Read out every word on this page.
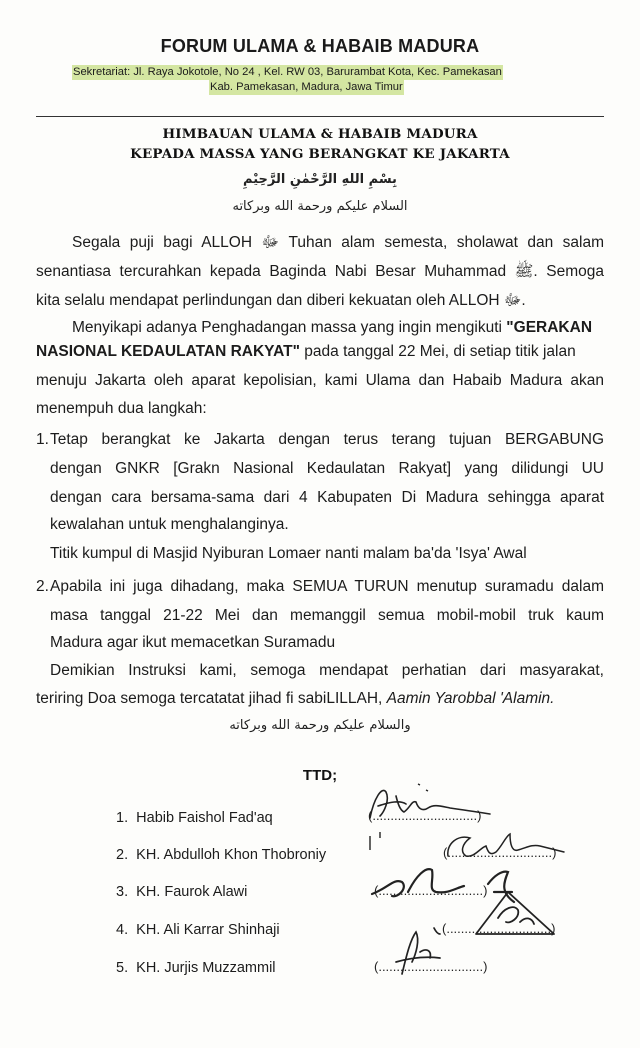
FORUM ULAMA & HABAIB MADURA
Sekretariat: Jl. Raya Jokotole, No 24 , Kel. RW 03, Barurambat Kota, Kec. Pamekasan
Kab. Pamekasan, Madura, Jawa Timur
HIMBAUAN ULAMA & HABAIB MADURA
KEPADA MASSA YANG BERANGKAT KE JAKARTA
بِسْمِ اللهِ الرَّحْمٰنِ الرَّحِيْمِ
السلام عليكم ورحمة الله وبركاته
Segala puji bagi ALLOH ﷻ Tuhan alam semesta, sholawat dan salam
senantiasa tercurahkan kepada Baginda Nabi Besar Muhammad ﷺ. Semoga
kita selalu mendapat perlindungan dan diberi kekuatan oleh ALLOH ﷻ.
Menyikapi adanya Penghadangan massa yang ingin mengikuti "GERAKAN
NASIONAL KEDAULATAN RAKYAT" pada tanggal 22 Mei, di setiap titik jalan
menuju Jakarta oleh aparat kepolisian, kami Ulama dan Habaib Madura akan
menempuh dua langkah:
1. Tetap berangkat ke Jakarta dengan terus terang tujuan BERGABUNG
dengan GNKR [Grakn Nasional Kedaulatan Rakyat] yang dilidungi UU
dengan cara bersama-sama dari 4 Kabupaten Di Madura sehingga aparat
kewalahan untuk menghalanginya.
Titik kumpul di Masjid Nyiburan Lomaer nanti malam ba'da 'Isya' Awal
2. Apabila ini juga dihadang, maka SEMUA TURUN menutup suramadu dalam
masa tanggal 21-22 Mei dan memanggil semua mobil-mobil truk kaum
Madura agar ikut memacetkan Suramadu
Demikian Instruksi kami, semoga mendapat perhatian dari masyarakat,
teriring Doa semoga tercatatat jihad fi sabiLILLAH, Aamin Yarobbal 'Alamin.
والسلام عليكم ورحمة الله وبركاته
TTD;
1. Habib Faishol Fad'aq	(.............................)
2. KH. Abdulloh Khon Thobroniy	(.............................)
3. KH. Faurok Alawi	(.............................)
4. KH. Ali Karrar Shinhaji	(.............................)
5. KH. Jurjis Muzzammil	(.............................)
